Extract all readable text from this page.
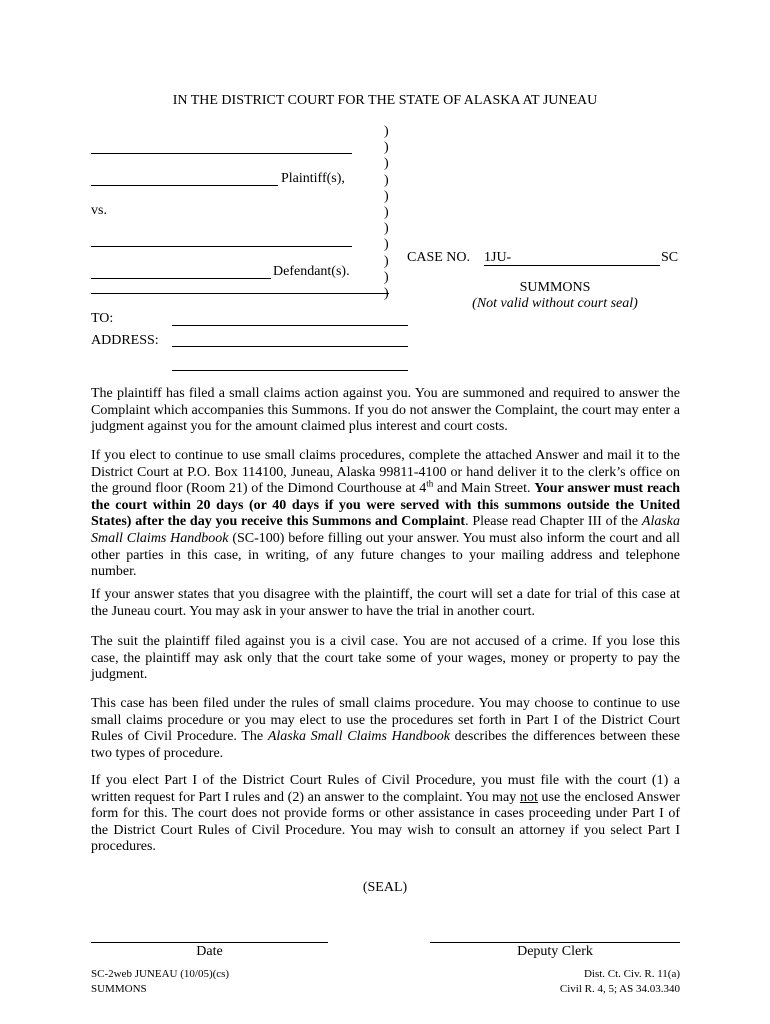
IN THE DISTRICT COURT FOR THE STATE OF ALASKA AT JUNEAU
)
)
)
)
)
)
)
)
)
)
)
Plaintiff(s),
vs.
Defendant(s).
CASE NO. 1JU-	SC
SUMMONS
(Not valid without court seal)
TO:
ADDRESS:
The plaintiff has filed a small claims action against you. You are summoned and required to answer the Complaint which accompanies this Summons. If you do not answer the Complaint, the court may enter a judgment against you for the amount claimed plus interest and court costs.
If you elect to continue to use small claims procedures, complete the attached Answer and mail it to the District Court at P.O. Box 114100, Juneau, Alaska 99811-4100 or hand deliver it to the clerk’s office on the ground floor (Room 21) of the Dimond Courthouse at 4th and Main Street. Your answer must reach the court within 20 days (or 40 days if you were served with this summons outside the United States) after the day you receive this Summons and Complaint. Please read Chapter III of the Alaska Small Claims Handbook (SC-100) before filling out your answer. You must also inform the court and all other parties in this case, in writing, of any future changes to your mailing address and telephone number.
If your answer states that you disagree with the plaintiff, the court will set a date for trial of this case at the Juneau court. You may ask in your answer to have the trial in another court.
The suit the plaintiff filed against you is a civil case. You are not accused of a crime. If you lose this case, the plaintiff may ask only that the court take some of your wages, money or property to pay the judgment.
This case has been filed under the rules of small claims procedure. You may choose to continue to use small claims procedure or you may elect to use the procedures set forth in Part I of the District Court Rules of Civil Procedure. The Alaska Small Claims Handbook describes the differences between these two types of procedure.
If you elect Part I of the District Court Rules of Civil Procedure, you must file with the court (1) a written request for Part I rules and (2) an answer to the complaint. You may not use the enclosed Answer form for this. The court does not provide forms or other assistance in cases proceeding under Part I of the District Court Rules of Civil Procedure. You may wish to consult an attorney if you select Part I procedures.
(SEAL)
Date	Deputy Clerk
SC-2web JUNEAU (10/05)(cs)
SUMMONS
Dist. Ct. Civ. R. 11(a)
Civil R. 4, 5; AS 34.03.340
